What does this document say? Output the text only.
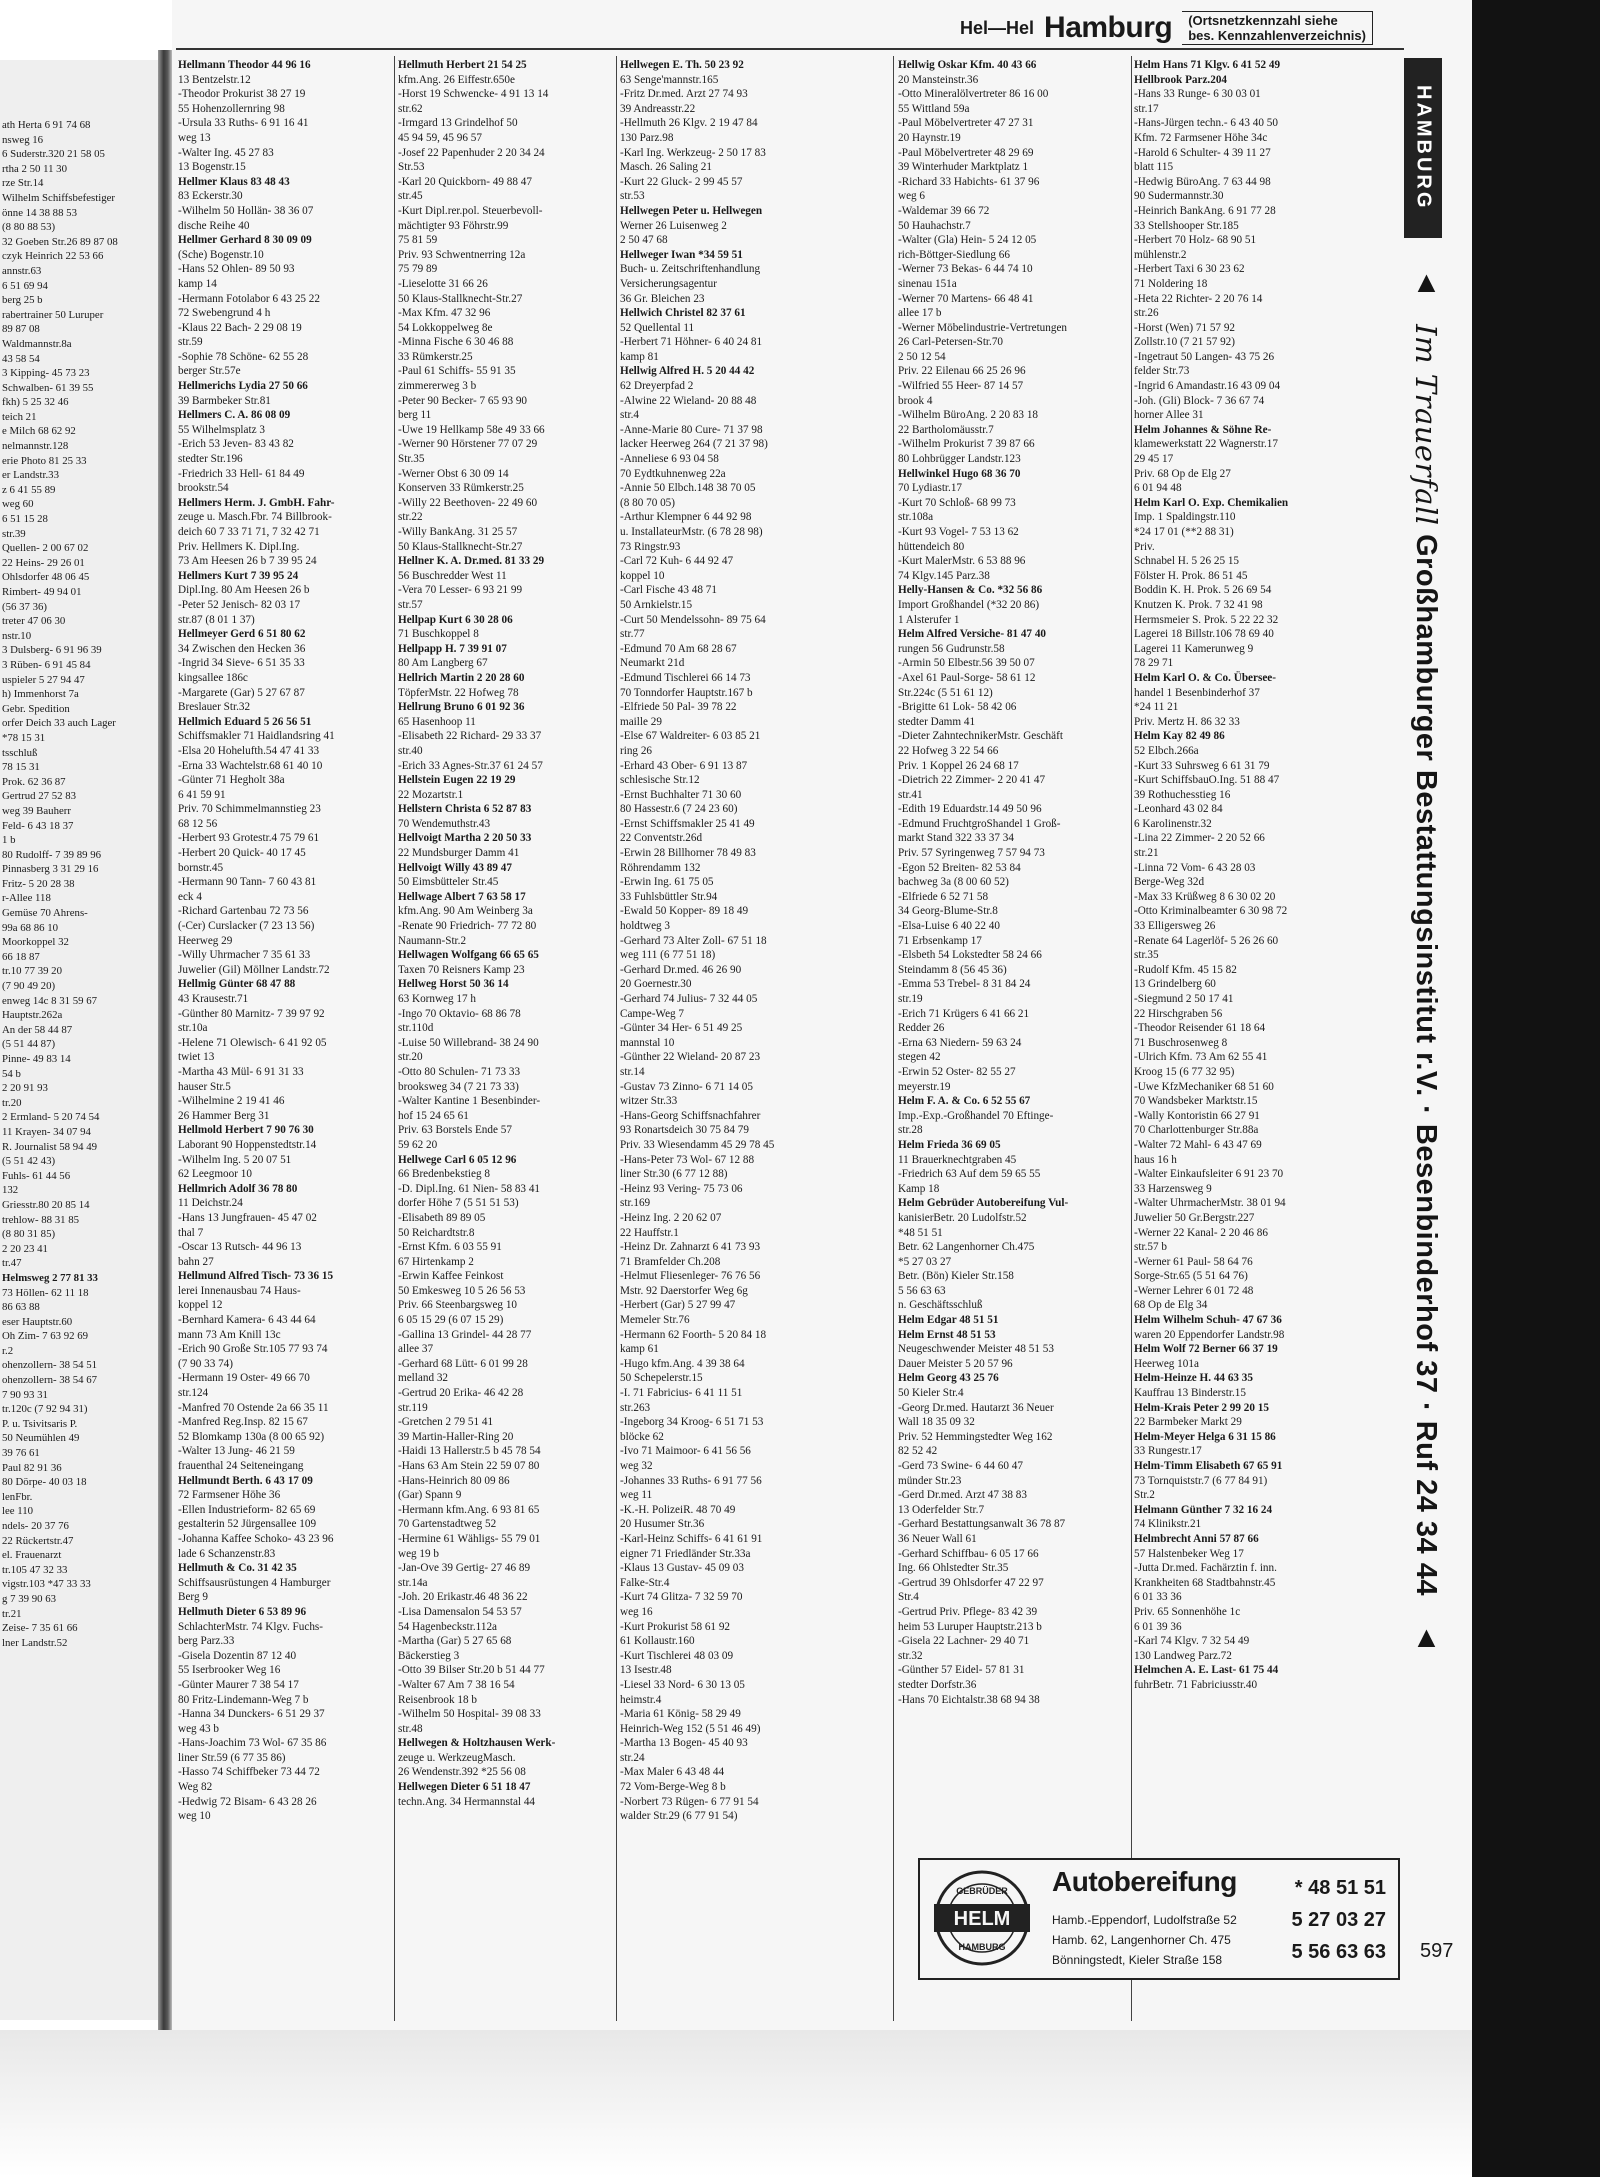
ath Herta 6 91 74 68
nsweg 16
6 Suderstr.320 21 58 05
rtha 2 50 11 30
rze Str.14
Wilhelm Schiffsbefestiger
önne 14 38 88 53
(8 80 88 53)
32 Goeben Str.26 89 87 08
czyk Heinrich 22 53 66
annstr.63
6 51 69 94
berg 25 b
rabertrainer 50 Luruper
89 87 08
Waldmannstr.8a
43 58 54
3 Kipping- 45 73 23
Schwalben- 61 39 55
fkh) 5 25 32 46
teich 21
e Milch 68 62 92
nelmannstr.128
erie Photo 81 25 33
er Landstr.33
z 6 41 55 89
weg 60
6 51 15 28
str.39
Quellen- 2 00 67 02
22 Heins- 29 26 01
Ohlsdorfer 48 06 45
Rimbert- 49 94 01
(56 37 36)
treter 47 06 30
nstr.10
3 Dulsberg- 6 91 96 39
3 Rüben- 6 91 45 84
uspieler 5 27 94 47
h) Immenhorst 7a
Gebr. Spedition
orfer Deich 33 auch Lager
*78 15 31
tsschluß
78 15 31
Prok. 62 36 87
Gertrud 27 52 83
weg 39 Bauherr
Feld- 6 43 18 37
1 b
80 Rudolff- 7 39 89 96
Pinnasberg 3 31 29 16
Fritz- 5 20 28 38
r-Allee 118
Gemüse 70 Ahrens-
99a 68 86 10
Moorkoppel 32
66 18 87
tr.10 77 39 20
(7 90 49 20)
enweg 14c 8 31 59 67
Hauptstr.262a
An der 58 44 87
(5 51 44 87)
Pinne- 49 83 14
54 b
2 20 91 93
tr.20
2 Ermland- 5 20 74 54
11 Krayen- 34 07 94
R. Journalist 58 94 49
(5 51 42 43)
Fuhls- 61 44 56
132
Griesstr.80 20 85 14
trehlow- 88 31 85
(8 80 31 85)
2 20 23 41
tr.47
Helmsweg 2 77 81 33
73 Höllen- 62 11 18
86 63 88
eser Hauptstr.60
Oh Zim- 7 63 92 69
r.2
ohenzollern- 38 54 51
ohenzollern- 38 54 67
7 90 93 31
tr.120c (7 92 94 31)
P. u. Tsivitsaris P.
50 Neumühlen 49
39 76 61
Paul 82 91 36
80 Dörpe- 40 03 18
lenFbr.
lee 110
ndels- 20 37 76
22 Rückertstr.47
el. Frauenarzt
tr.105 47 32 33
vigstr.103 *47 33 33
g 7 39 90 63
tr.21
Zeise- 7 35 61 66
lner Landstr.52
Hel—Hel Hamburg	(Ortsnetzkennzahl siehe
bes. Kennzahlenverzeichnis)
Hellmann Theodor 44 96 16
13 Bentzelstr.12
-Theodor Prokurist 38 27 19
55 Hohenzollernring 98
-Ursula 33 Ruths- 6 91 16 41
weg 13
-Walter Ing. 45 27 83
13 Bogenstr.15
Hellmer Klaus 83 48 43
83 Eckerstr.30
-Wilhelm 50 Hollän- 38 36 07
dische Reihe 40
Hellmer Gerhard 8 30 09 09
(Sche) Bogenstr.10
-Hans 52 Ohlen- 89 50 93
kamp 14
-Hermann Fotolabor 6 43 25 22
72 Swebengrund 4 h
-Klaus 22 Bach- 2 29 08 19
str.59
-Sophie 78 Schöne- 62 55 28
berger Str.57e
Hellmerichs Lydia 27 50 66
39 Barmbeker Str.81
Hellmers C. A. 86 08 09
55 Wilhelmsplatz 3
-Erich 53 Jeven- 83 43 82
stedter Str.196
-Friedrich 33 Hell- 61 84 49
brookstr.54
Hellmers Herm. J. GmbH. Fahr-
zeuge u. Masch.Fbr. 74 Billbrook-
deich 60 7 33 71 71, 7 32 42 71
Priv. Hellmers K. Dipl.Ing.
73 Am Heesen 26 b 7 39 95 24
Hellmers Kurt 7 39 95 24
Dipl.Ing. 80 Am Heesen 26 b
-Peter 52 Jenisch- 82 03 17
str.87 (8 01 1 37)
Hellmeyer Gerd 6 51 80 62
34 Zwischen den Hecken 36
-Ingrid 34 Sieve- 6 51 35 33
kingsallee 186c
-Margarete (Gar) 5 27 67 87
Breslauer Str.32
Hellmich Eduard 5 26 56 51
Schiffsmakler 71 Haidlandsring 41
-Elsa 20 Hohelufth.54 47 41 33
-Erna 33 Wachtelstr.68 61 40 10
-Günter 71 Hegholt 38a
6 41 59 91
Priv. 70 Schimmelmannstieg 23
68 12 56
-Herbert 93 Grotestr.4 75 79 61
-Herbert 20 Quick- 40 17 45
bornstr.45
-Hermann 90 Tann- 7 60 43 81
eck 4
-Richard Gartenbau 72 73 56
(-Cer) Curslacker (7 23 13 56)
Heerweg 29
-Willy Uhrmacher 7 35 61 33
Juwelier (Gil) Möllner Landstr.72
Hellmig Günter 68 47 88
43 Krausestr.71
-Günther 80 Marnitz- 7 39 97 92
str.10a
-Helene 71 Olewisch- 6 41 92 05
twiet 13
-Martha 43 Mül- 6 91 31 33
hauser Str.5
-Wilhelmine 2 19 41 46
26 Hammer Berg 31
Hellmold Herbert 7 90 76 30
Laborant 90 Hoppenstedtstr.14
-Wilhelm Ing. 5 20 07 51
62 Leegmoor 10
Hellmrich Adolf 36 78 80
11 Deichstr.24
-Hans 13 Jungfrauen- 45 47 02
thal 7
-Oscar 13 Rutsch- 44 96 13
bahn 27
Hellmund Alfred Tisch- 73 36 15
lerei Innenausbau 74 Haus-
koppel 12
-Bernhard Kamera- 6 43 44 64
mann 73 Am Knill 13c
-Erich 90 Große Str.105 77 93 74
(7 90 33 74)
-Hermann 19 Oster- 49 66 70
str.124
-Manfred 70 Ostende 2a 66 35 11
-Manfred Reg.Insp. 82 15 67
52 Blomkamp 130a (8 00 65 92)
-Walter 13 Jung- 46 21 59
frauenthal 24 Seiteneingang
Hellmundt Berth. 6 43 17 09
72 Farmsener Höhe 36
-Ellen Industrieform- 82 65 69
gestalterin 52 Jürgensallee 109
-Johanna Kaffee Schoko- 43 23 96
lade 6 Schanzenstr.83
Hellmuth & Co. 31 42 35
Schiffsausrüstungen 4 Hamburger
Berg 9
Hellmuth Dieter 6 53 89 96
SchlachterMstr. 74 Klgv. Fuchs-
berg Parz.33
-Gisela Dozentin 87 12 40
55 Iserbrooker Weg 16
-Günter Maurer 7 38 54 17
80 Fritz-Lindemann-Weg 7 b
-Hanna 34 Dunckers- 6 51 29 37
weg 43 b
-Hans-Joachim 73 Wol- 67 35 86
liner Str.59 (6 77 35 86)
-Hasso 74 Schiffbeker 73 44 72
Weg 82
-Hedwig 72 Bisam- 6 43 28 26
weg 10
Hellmuth Herbert 21 54 25
kfm.Ang. 26 Eiffestr.650e
-Horst 19 Schwencke- 4 91 13 14
str.62
-Irmgard 13 Grindelhof 50
45 94 59, 45 96 57
-Josef 22 Papenhuder 2 20 34 24
Str.53
-Karl 20 Quickborn- 49 88 47
str.45
-Kurt Dipl.rer.pol. Steuerbevoll-
mächtigter 93 Föhrstr.99
75 81 59
Priv. 93 Schwentnerring 12a
75 79 89
-Lieselotte 31 66 26
50 Klaus-Stallknecht-Str.27
-Max Kfm. 47 32 96
54 Lokkoppelweg 8e
-Minna Fische 6 30 46 88
33 Rümkerstr.25
-Paul 61 Schiffs- 55 91 35
zimmererweg 3 b
-Peter 90 Becker- 7 65 93 90
berg 11
-Uwe 19 Hellkamp 58e 49 33 66
-Werner 90 Hörstener 77 07 29
Str.35
-Werner Obst 6 30 09 14
Konserven 33 Rümkerstr.25
-Willy 22 Beethoven- 22 49 60
str.22
-Willy BankAng. 31 25 57
50 Klaus-Stallknecht-Str.27
Hellner K. A. Dr.med. 81 33 29
56 Buschredder West 11
-Vera 70 Lesser- 6 93 21 99
str.57
Hellpap Kurt 6 30 28 06
71 Buschkoppel 8
Hellpapp H. 7 39 91 07
80 Am Langberg 67
Hellrich Martin 2 20 28 60
TöpferMstr. 22 Hofweg 78
Hellrung Bruno 6 01 92 36
65 Hasenhoop 11
-Elisabeth 22 Richard- 29 33 37
str.40
-Erich 33 Agnes-Str.37 61 24 57
Hellstein Eugen 22 19 29
22 Mozartstr.1
Hellstern Christa 6 52 87 83
70 Wendemuthstr.43
Hellvoigt Martha 2 20 50 33
22 Mundsburger Damm 41
Hellvoigt Willy 43 89 47
50 Eimsbütteler Str.45
Hellwage Albert 7 63 58 17
kfm.Ang. 90 Am Weinberg 3a
-Renate 90 Friedrich- 77 72 80
Naumann-Str.2
Hellwagen Wolfgang 66 65 65
Taxen 70 Reisners Kamp 23
Hellweg Horst 50 36 14
63 Kornweg 17 h
-Ingo 70 Oktavio- 68 86 78
str.110d
-Luise 50 Willebrand- 38 24 90
str.20
-Otto 80 Schulen- 71 73 33
brooksweg 34 (7 21 73 33)
-Walter Kantine 1 Besenbinder-
hof 15 24 65 61
Priv. 63 Borstels Ende 57
59 62 20
Hellwege Carl 6 05 12 96
66 Bredenbekstieg 8
-D. Dipl.Ing. 61 Nien- 58 83 41
dorfer Höhe 7 (5 51 51 53)
-Elisabeth 89 89 05
50 Reichardtstr.8
-Ernst Kfm. 6 03 55 91
67 Hirtenkamp 2
-Erwin Kaffee Feinkost
50 Emkesweg 10 5 26 56 53
Priv. 66 Steenbargsweg 10
6 05 15 29 (6 07 15 29)
-Gallina 13 Grindel- 44 28 77
allee 37
-Gerhard 68 Lütt- 6 01 99 28
melland 32
-Gertrud 20 Erika- 46 42 28
str.119
-Gretchen 2 79 51 41
39 Martin-Haller-Ring 20
-Haidi 13 Hallerstr.5 b 45 78 54
-Hans 63 Am Stein 22 59 07 80
-Hans-Heinrich 80 09 86
(Gar) Spann 9
-Hermann kfm.Ang. 6 93 81 65
70 Gartenstadtweg 52
-Hermine 61 Wähligs- 55 79 01
weg 19 b
-Jan-Ove 39 Gertig- 27 46 89
str.14a
-Joh. 20 Erikastr.46 48 36 22
-Lisa Damensalon 54 53 57
54 Hagenbeckstr.112a
-Martha (Gar) 5 27 65 68
Bäckerstieg 3
-Otto 39 Bilser Str.20 b 51 44 77
-Walter 67 Am 7 38 16 54
Reisenbrook 18 b
-Wilhelm 50 Hospital- 39 08 33
str.48
Hellwegen & Holtzhausen Werk-
zeuge u. WerkzeugMasch.
26 Wendenstr.392 *25 56 08
Hellwegen Dieter 6 51 18 47
techn.Ang. 34 Hermannstal 44
Hellwegen E. Th. 50 23 92
63 Senge'mannstr.165
-Fritz Dr.med. Arzt 27 74 93
39 Andreasstr.22
-Hellmuth 26 Klgv. 2 19 47 84
130 Parz.98
-Karl Ing. Werkzeug- 2 50 17 83
Masch. 26 Saling 21
-Kurt 22 Gluck- 2 99 45 57
str.53
Hellwegen Peter u. Hellwegen
Werner 26 Luisenweg 2
2 50 47 68
Hellweger Iwan *34 59 51
Buch- u. Zeitschriftenhandlung
Versicherungsagentur
36 Gr. Bleichen 23
Hellwich Christel 82 37 61
52 Quellental 11
-Herbert 71 Höhner- 6 40 24 81
kamp 81
Hellwig Alfred H. 5 20 44 42
62 Dreyerpfad 2
-Alwine 22 Wieland- 20 88 48
str.4
-Anne-Marie 80 Cure- 71 37 98
lacker Heerweg 264 (7 21 37 98)
-Anneliese 6 93 04 58
70 Eydtkuhnenweg 22a
-Annie 50 Elbch.148 38 70 05
(8 80 70 05)
-Arthur Klempner 6 44 92 98
u. InstallateurMstr. (6 78 28 98)
73 Ringstr.93
-Carl 72 Kuh- 6 44 92 47
koppel 10
-Carl Fische 43 48 71
50 Arnkielstr.15
-Curt 50 Mendelssohn- 89 75 64
str.77
-Edmund 70 Am 68 28 67
Neumarkt 21d
-Edmund Tischlerei 66 14 73
70 Tonndorfer Hauptstr.167 b
-Elfriede 50 Pal- 39 78 22
maille 29
-Else 67 Waldreiter- 6 03 85 21
ring 26
-Erhard 43 Ober- 6 91 13 87
schlesische Str.12
-Ernst Buchhalter 71 30 60
80 Hassestr.6 (7 24 23 60)
-Ernst Schiffsmakler 25 41 49
22 Conventstr.26d
-Erwin 28 Billhorner 78 49 83
Röhrendamm 132
-Erwin Ing. 61 75 05
33 Fuhlsbüttler Str.94
-Ewald 50 Kopper- 89 18 49
holdtweg 3
-Gerhard 73 Alter Zoll- 67 51 18
weg 111 (6 77 51 18)
-Gerhard Dr.med. 46 26 90
20 Goernestr.30
-Gerhard 74 Julius- 7 32 44 05
Campe-Weg 7
-Günter 34 Her- 6 51 49 25
mannstal 10
-Günther 22 Wieland- 20 87 23
str.14
-Gustav 73 Zinno- 6 71 14 05
witzer Str.33
-Hans-Georg Schiffsnachfahrer
93 Ronartsdeich 30 75 84 79
Priv. 33 Wiesendamm 45 29 78 45
-Hans-Peter 73 Wol- 67 12 88
liner Str.30 (6 77 12 88)
-Heinz 93 Vering- 75 73 06
str.169
-Heinz Ing. 2 20 62 07
22 Hauffstr.1
-Heinz Dr. Zahnarzt 6 41 73 93
71 Bramfelder Ch.208
-Helmut Fliesenleger- 76 76 56
Mstr. 92 Daerstorfer Weg 6g
-Herbert (Gar) 5 27 99 47
Memeler Str.76
-Hermann 62 Foorth- 5 20 84 18
kamp 61
-Hugo kfm.Ang. 4 39 38 64
50 Schepelerstr.15
-I. 71 Fabricius- 6 41 11 51
str.263
-Ingeborg 34 Kroog- 6 51 71 53
blöcke 62
-Ivo 71 Maimoor- 6 41 56 56
weg 32
-Johannes 33 Ruths- 6 91 77 56
weg 11
-K.-H. PolizeiR. 48 70 49
20 Husumer Str.36
-Karl-Heinz Schiffs- 6 41 61 91
eigner 71 Friedländer Str.33a
-Klaus 13 Gustav- 45 09 03
Falke-Str.4
-Kurt 74 Glitza- 7 32 59 70
weg 16
-Kurt Prokurist 58 61 92
61 Kollaustr.160
-Kurt Tischlerei 48 03 09
13 Isestr.48
-Liesel 33 Nord- 6 30 13 05
heimstr.4
-Maria 61 König- 58 29 49
Heinrich-Weg 152 (5 51 46 49)
-Martha 13 Bogen- 45 40 93
str.24
-Max Maler 6 43 48 44
72 Vom-Berge-Weg 8 b
-Norbert 73 Rügen- 6 77 91 54
walder Str.29 (6 77 91 54)
Hellwig Oskar Kfm. 40 43 66
20 Mansteinstr.36
-Otto Mineralölvertreter 86 16 00
55 Wittland 59a
-Paul Möbelvertreter 47 27 31
20 Haynstr.19
-Paul Möbelvertreter 48 29 69
39 Winterhuder Marktplatz 1
-Richard 33 Habichts- 61 37 96
weg 6
-Waldemar 39 66 72
50 Hauhachstr.7
-Walter (Gla) Hein- 5 24 12 05
rich-Böttger-Siedlung 66
-Werner 73 Bekas- 6 44 74 10
sinenau 151a
-Werner 70 Martens- 66 48 41
allee 17 b
-Werner Möbelindustrie-Vertretungen
26 Carl-Petersen-Str.70
2 50 12 54
Priv. 22 Eilenau 66 25 26 96
-Wilfried 55 Heer- 87 14 57
brook 4
-Wilhelm BüroAng. 2 20 83 18
22 Bartholomäusstr.7
-Wilhelm Prokurist 7 39 87 66
80 Lohbrügger Landstr.123
Hellwinkel Hugo 68 36 70
70 Lydiastr.17
-Kurt 70 Schloß- 68 99 73
str.108a
-Kurt 93 Vogel- 7 53 13 62
hüttendeich 80
-Kurt MalerMstr. 6 53 88 96
74 Klgv.145 Parz.38
Helly-Hansen & Co. *32 56 86
Import Großhandel (*32 20 86)
1 Alsterufer 1
Helm Alfred Versiche- 81 47 40
rungen 56 Gudrunstr.58
-Armin 50 Elbestr.56 39 50 07
-Axel 61 Paul-Sorge- 58 61 12
Str.224c (5 51 61 12)
-Brigitte 61 Lok- 58 42 06
stedter Damm 41
-Dieter ZahntechnikerMstr. Geschäft
22 Hofweg 3 22 54 66
Priv. 1 Koppel 26 24 68 17
-Dietrich 22 Zimmer- 2 20 41 47
str.41
-Edith 19 Eduardstr.14 49 50 96
-Edmund FruchtgroShandel 1 Groß-
markt Stand 322 33 37 34
Priv. 57 Syringenweg 7 57 94 73
-Egon 52 Breiten- 82 53 84
bachweg 3a (8 00 60 52)
-Elfriede 6 52 71 58
34 Georg-Blume-Str.8
-Elsa-Luise 6 40 22 40
71 Erbsenkamp 17
-Elsbeth 54 Lokstedter 58 24 66
Steindamm 8 (56 45 36)
-Emma 53 Trebel- 8 31 84 24
str.19
-Erich 71 Krügers 6 41 66 21
Redder 26
-Erna 63 Niedern- 59 63 24
stegen 42
-Erwin 52 Oster- 82 55 27
meyerstr.19
Helm F. A. & Co. 6 52 55 67
Imp.-Exp.-Großhandel 70 Eftinge-
str.28
Helm Frieda 36 69 05
11 Brauerknechtgraben 45
-Friedrich 63 Auf dem 59 65 55
Kamp 18
Helm Gebrüder Autobereifung Vul-
kanisierBetr. 20 Ludolfstr.52
*48 51 51
Betr. 62 Langenhorner Ch.475
*5 27 03 27
Betr. (Bön) Kieler Str.158
5 56 63 63
n. Geschäftsschluß
Helm Edgar 48 51 51
Helm Ernst 48 51 53
Neugeschwender Meister 48 51 53
Dauer Meister 5 20 57 96
Helm Georg 43 25 76
50 Kieler Str.4
-Georg Dr.med. Hautarzt 36 Neuer
Wall 18 35 09 32
Priv. 52 Hemmingstedter Weg 162
82 52 42
-Gerd 73 Swine- 6 44 60 47
münder Str.23
-Gerd Dr.med. Arzt 47 38 83
13 Oderfelder Str.7
-Gerhard Bestattungsanwalt 36 78 87
36 Neuer Wall 61
-Gerhard Schiffbau- 6 05 17 66
Ing. 66 Ohlstedter Str.35
-Gertrud 39 Ohlsdorfer 47 22 97
Str.4
-Gertrud Priv. Pflege- 83 42 39
heim 53 Luruper Hauptstr.213 b
-Gisela 22 Lachner- 29 40 71
str.32
-Günther 57 Eidel- 57 81 31
stedter Dorfstr.36
-Hans 70 Eichtalstr.38 68 94 38
Helm Hans 71 Klgv. 6 41 52 49
Hellbrook Parz.204
-Hans 33 Runge- 6 30 03 01
str.17
-Hans-Jürgen techn.- 6 43 40 50
Kfm. 72 Farmsener Höhe 34c
-Harold 6 Schulter- 4 39 11 27
blatt 115
-Hedwig BüroAng. 7 63 44 98
90 Sudermannstr.30
-Heinrich BankAng. 6 91 77 28
33 Stellshooper Str.185
-Herbert 70 Holz- 68 90 51
mühlenstr.2
-Herbert Taxi 6 30 23 62
71 Noldering 18
-Heta 22 Richter- 2 20 76 14
str.26
-Horst (Wen) 71 57 92
Zollstr.10 (7 21 57 92)
-Ingetraut 50 Langen- 43 75 26
felder Str.73
-Ingrid 6 Amandastr.16 43 09 04
-Joh. (Gli) Block- 7 36 67 74
horner Allee 31
Helm Johannes & Söhne Re-
klamewerkstatt 22 Wagnerstr.17
29 45 17
Priv. 68 Op de Elg 27
6 01 94 48
Helm Karl O. Exp. Chemikalien
Imp. 1 Spaldingstr.110
*24 17 01 (**2 88 31)
Priv.
Schnabel H. 5 26 25 15
Fölster H. Prok. 86 51 45
Boddin K. H. Prok. 5 26 69 54
Knutzen K. Prok. 7 32 41 98
Hermsmeier S. Prok. 5 22 22 32
Lagerei 18 Billstr.106 78 69 40
Lagerei 11 Kamerunweg 9
78 29 71
Helm Karl O. & Co. Übersee-
handel 1 Besenbinderhof 37
*24 11 21
Priv. Mertz H. 86 32 33
Helm Kay 82 49 86
52 Elbch.266a
-Kurt 33 Suhrsweg 6 61 31 79
-Kurt SchiffsbauO.Ing. 51 88 47
39 Rothuchesstieg 16
-Leonhard 43 02 84
6 Karolinenstr.32
-Lina 22 Zimmer- 2 20 52 66
str.21
-Linna 72 Vom- 6 43 28 03
Berge-Weg 32d
-Max 33 Krüßweg 8 6 30 02 20
-Otto Kriminalbeamter 6 30 98 72
33 Elligersweg 26
-Renate 64 Lagerlöf- 5 26 26 60
str.35
-Rudolf Kfm. 45 15 82
13 Grindelberg 60
-Siegmund 2 50 17 41
22 Hirschgraben 56
-Theodor Reisender 61 18 64
71 Buschrosenweg 8
-Ulrich Kfm. 73 Am 62 55 41
Kroog 15 (6 77 32 95)
-Uwe KfzMechaniker 68 51 60
70 Wandsbeker Marktstr.15
-Wally Kontoristin 66 27 91
70 Charlottenburger Str.88a
-Walter 72 Mahl- 6 43 47 69
haus 16 h
-Walter Einkaufsleiter 6 91 23 70
33 Harzensweg 9
-Walter UhrmacherMstr. 38 01 94
Juwelier 50 Gr.Bergstr.227
-Werner 22 Kanal- 2 20 46 86
str.57 b
-Werner 61 Paul- 58 64 76
Sorge-Str.65 (5 51 64 76)
-Werner Lehrer 6 01 72 48
68 Op de Elg 34
Helm Wilhelm Schuh- 47 67 36
waren 20 Eppendorfer Landstr.98
Helm Wolf 72 Berner 66 37 19
Heerweg 101a
Helm-Heinze H. 44 63 35
Kauffrau 13 Binderstr.15
Helm-Krais Peter 2 99 20 15
22 Barmbeker Markt 29
Helm-Meyer Helga 6 31 15 86
33 Rungestr.17
Helm-Timm Elisabeth 67 65 91
73 Tornquiststr.7 (6 77 84 91)
Str.2
Helmann Günther 7 32 16 24
74 Klinikstr.21
Helmbrecht Anni 57 87 66
57 Halstenbeker Weg 17
-Jutta Dr.med. Fachärztin f. inn.
Krankheiten 68 Stadtbahnstr.45
6 01 33 36
Priv. 65 Sonnenhöhe 1c
6 01 39 36
-Karl 74 Klgv. 7 32 54 49
130 Landweg Parz.72
Helmchen A. E. Last- 61 75 44
fuhrBetr. 71 Fabriciusstr.40
HAMBURG
▲ Im Trauerfall Großhamburger Bestattungsinstitut r.V. · Besenbinderhof 37 · Ruf 24 34 44 ▲
HELM
GEBRÜDER
HAMBURG
Autobereifung
Hamb.-Eppendorf, Ludolfstraße 52
Hamb. 62, Langenhorner Ch. 475
Bönningstedt, Kieler Straße 158
* 48 51 51
5 27 03 27
5 56 63 63 597
